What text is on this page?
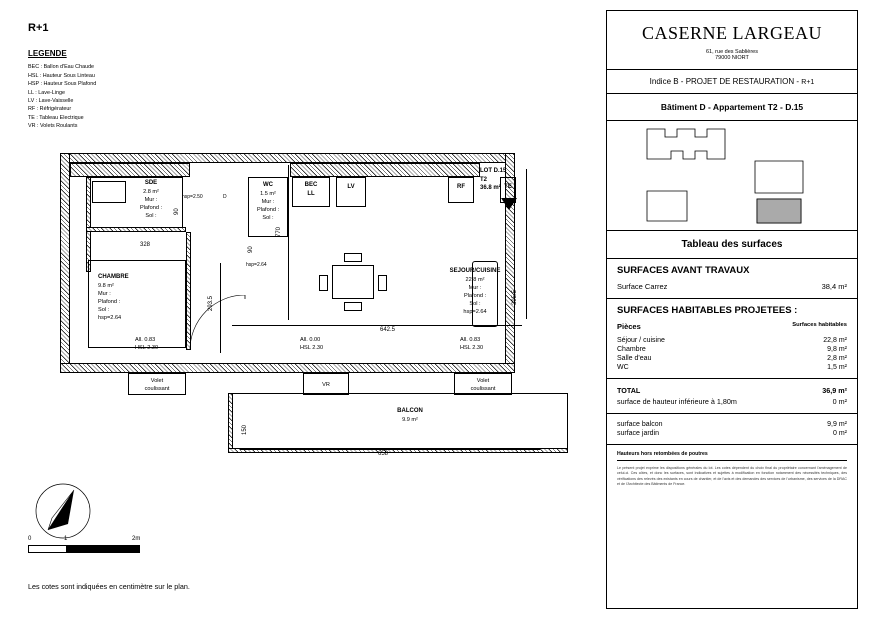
R+1
LEGENDE
BEC : Ballon d'Eau Chaude
HSL : Hauteur Sous Linteau
HSP : Hauteur Sous Plafond
LL : Lave-Linge
LV : Lave-Vaisselle
RF : Réfrigérateur
TE : Tableau Electrique
VR : Volets Roulants
SDE
2.8 m²
Mur :
Plafond :
Sol :
hsp=2.50	D
90
328
WC
1.5 m²
Mur :
Plafond :
Sol :
hsp=2.64
90
BEC
LL
LV	RF	TE
770
CHAMBRE
9.8 m²
Mur :
Plafond :
Sol :
hsp=2.64
293.5
SEJOUR/CUISINE
22.8 m²
Mur :
Plafond :
Sol :
hsp=2.64
LOT D.15
T2
36.8 m²
395.5
642.5
All. 0.83
HSL 2.30
All. 0.00
HSL 2.30
All. 0.83
HSL 2.30
Volet
coulissant
VR
Volet
coulissant
BALCON
9.9 m²
150
658
0	1	2m
Les cotes sont indiquées en centimètre sur le plan.
CASERNE LARGEAU
61, rue des Sablières
79000 NIORT
Indice B - PROJET DE RESTAURATION - R+1
Bâtiment D - Appartement T2 - D.15
Tableau des surfaces
SURFACES AVANT TRAVAUX
Surface Carrez	38,4 m²
SURFACES HABITABLES PROJETEES :
Pièces	Surfaces habitables
Séjour / cuisine	22,8 m²
Chambre	9,8 m²
Salle d'eau	2,8 m²
WC	1,5 m²
TOTAL	36,9 m²
surface de hauteur inférieure à 1,80m	0 m²
surface balcon	9,9 m²
surface jardin	0 m²
Hauteurs hors retombées de poutres
Le présent projet exprime les dispositions générales du lot. Les cotes dépendent du choix final du propriétaire concernant l'aménagement de celui-ci. Ces côtes, et donc les surfaces, sont indicatives et sujettes à modification en fonction notamment des nécessités techniques, des vérifications des relevés des existants en cours de chantier, et de l'avis et des demandes des services de l'urbanisme, des services de la DRAC et de l'Architecte des Bâtiments de France.
